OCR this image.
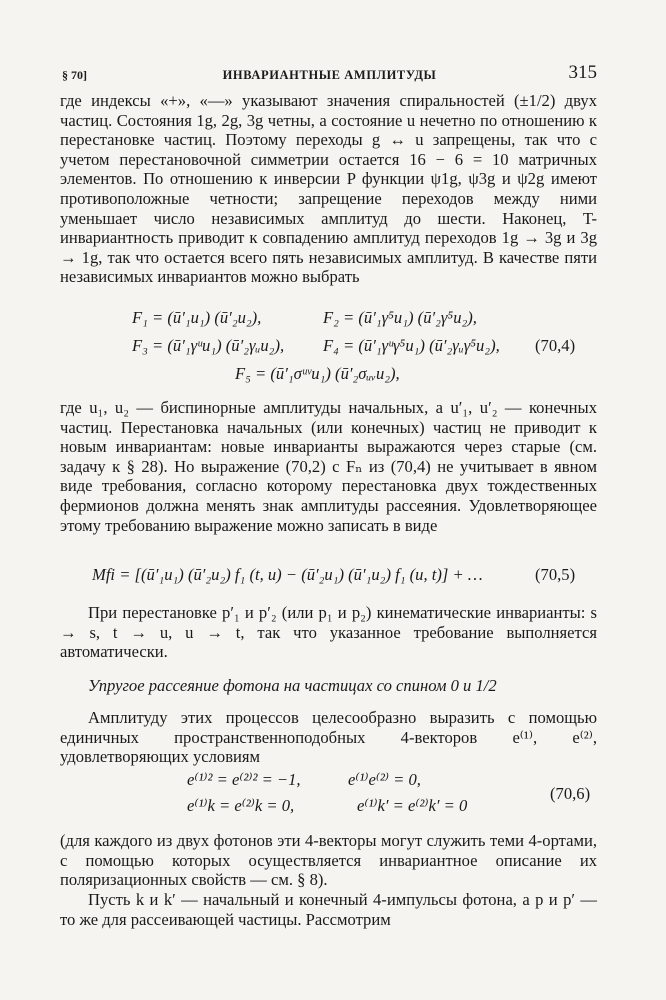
§ 70]	ИНВАРИАНТНЫЕ АМПЛИТУДЫ	315

где индексы «+», «—» указывают значения спиральностей (±1/2) двух частиц. Состояния 1g, 2g, 3g четны, а состояние u нечетно по отношению к перестановке частиц. Поэтому переходы g ↔ u запрещены, так что с учетом перестановочной симметрии остается 16 − 6 = 10 матричных элементов. По отношению к инверсии P функции ψ1g, ψ3g и ψ2g имеют противоположные четности; запрещение переходов между ними уменьшает число независимых амплитуд до шести. Наконец, T-инвариантность приводит к совпадению амплитуд переходов 1g → 3g и 3g → 1g, так что остается всего пять независимых амплитуд. В качестве пяти независимых инвариантов можно выбрать

F₁ = (ū′₁u₁) (ū′₂u₂),	F₂ = (ū′₁γ⁵u₁) (ū′₂γ⁵u₂),
F₃ = (ū′₁γᵘu₁) (ū′₂γᵤu₂), F₄ = (ū′₁γᵘγ⁵u₁) (ū′₂γᵤγ⁵u₂),
F₅ = (ū′₁σᵘᵛu₁) (ū′₂σᵤᵥu₂),
(70,4)

где u₁, u₂ — биспинорные амплитуды начальных, а u′₁, u′₂ — конечных частиц. Перестановка начальных (или конечных) частиц не приводит к новым инвариантам: новые инварианты выражаются через старые (см. задачу к § 28). Но выражение (70,2) с Fₙ из (70,4) не учитывает в явном виде требования, согласно которому перестановка двух тождественных фермионов должна менять знак амплитуды рассеяния. Удовлетворяющее этому требованию выражение можно записать в виде

Mfi = [(ū′₁u₁) (ū′₂u₂) f₁ (t, u) − (ū′₂u₁) (ū′₁u₂) f₁ (u, t)] + …	(70,5)

При перестановке p′₁ и p′₂ (или p₁ и p₂) кинематические инварианты: s → s, t → u, u → t, так что указанное требование выполняется автоматически.

Упругое рассеяние фотона на частицах со спином 0 и 1/2

Амплитуду этих процессов целесообразно выразить с помощью единичных пространственноподобных 4-векторов e⁽¹⁾, e⁽²⁾, удовлетворяющих условиям

e⁽¹⁾² = e⁽²⁾² = −1,	e⁽¹⁾e⁽²⁾ = 0,
e⁽¹⁾k = e⁽²⁾k = 0,	e⁽¹⁾k′ = e⁽²⁾k′ = 0
(70,6)

(для каждого из двух фотонов эти 4-векторы могут служить теми 4-ортами, с помощью которых осуществляется инвариантное описание их поляризационных свойств — см. § 8).

Пусть k и k′ — начальный и конечный 4-импульсы фотона, а p и p′ — то же для рассеивающей частицы. Рассмотрим
